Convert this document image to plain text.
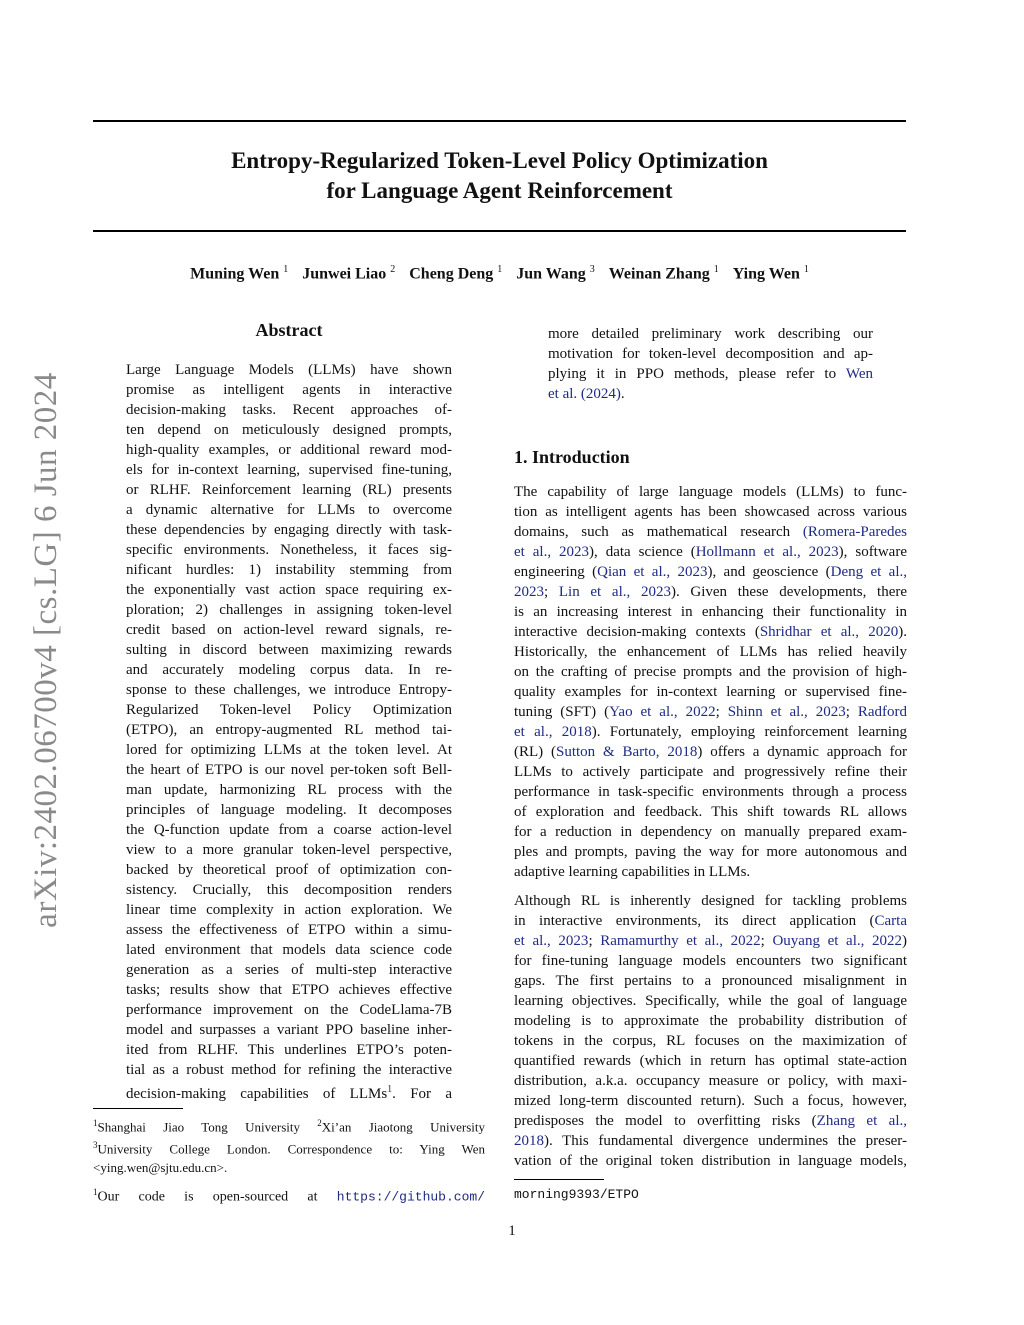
Entropy-Regularized Token-Level Policy Optimization
for Language Agent Reinforcement
Muning Wen $^1$ Junwei Liao $^2$ Cheng Deng $^1$ Jun Wang $^3$ Weinan Zhang $^1$ Ying Wen $^1$
arXiv:2402.06700v4 [cs.LG] 6 Jun 2024
Abstract
Large Language Models (LLMs) have shown
promise as intelligent agents in interactive
decision-making tasks. Recent approaches of-
ten depend on meticulously designed prompts,
high-quality examples, or additional reward mod-
els for in-context learning, supervised fine-tuning,
or RLHF. Reinforcement learning (RL) presents
a dynamic alternative for LLMs to overcome
these dependencies by engaging directly with task-
specific environments. Nonetheless, it faces sig-
nificant hurdles: 1) instability stemming from
the exponentially vast action space requiring ex-
ploration; 2) challenges in assigning token-level
credit based on action-level reward signals, re-
sulting in discord between maximizing rewards
and accurately modeling corpus data. In re-
sponse to these challenges, we introduce Entropy-
Regularized Token-level Policy Optimization
(ETPO), an entropy-augmented RL method tai-
lored for optimizing LLMs at the token level. At
the heart of ETPO is our novel per-token soft Bell-
man update, harmonizing RL process with the
principles of language modeling. It decomposes
the Q-function update from a coarse action-level
view to a more granular token-level perspective,
backed by theoretical proof of optimization con-
sistency. Crucially, this decomposition renders
linear time complexity in action exploration. We
assess the effectiveness of ETPO within a simu-
lated environment that models data science code
generation as a series of multi-step interactive
tasks; results show that ETPO achieves effective
performance improvement on the CodeLlama-7B
model and surpasses a variant PPO baseline inher-
ited from RLHF. This underlines ETPO’s poten-
tial as a robust method for refining the interactive
decision-making capabilities of LLMs$^1$. For a
more detailed preliminary work describing our
motivation for token-level decomposition and ap-
plying it in PPO methods, please refer to Wen
et al. (2024).
1. Introduction
The capability of large language models (LLMs) to func-
tion as intelligent agents has been showcased across various
domains, such as mathematical research (Romera-Paredes
et al., 2023), data science (Hollmann et al., 2023), software
engineering (Qian et al., 2023), and geoscience (Deng et al.,
2023; Lin et al., 2023). Given these developments, there
is an increasing interest in enhancing their functionality in
interactive decision-making contexts (Shridhar et al., 2020).
Historically, the enhancement of LLMs has relied heavily
on the crafting of precise prompts and the provision of high-
quality examples for in-context learning or supervised fine-
tuning (SFT) (Yao et al., 2022; Shinn et al., 2023; Radford
et al., 2018). Fortunately, employing reinforcement learning
(RL) (Sutton & Barto, 2018) offers a dynamic approach for
LLMs to actively participate and progressively refine their
performance in task-specific environments through a process
of exploration and feedback. This shift towards RL allows
for a reduction in dependency on manually prepared exam-
ples and prompts, paving the way for more autonomous and
adaptive learning capabilities in LLMs.
Although RL is inherently designed for tackling problems
in interactive environments, its direct application (Carta
et al., 2023; Ramamurthy et al., 2022; Ouyang et al., 2022)
for fine-tuning language models encounters two significant
gaps. The first pertains to a pronounced misalignment in
learning objectives. Specifically, while the goal of language
modeling is to approximate the probability distribution of
tokens in the corpus, RL focuses on the maximization of
quantified rewards (which in return has optimal state-action
distribution, a.k.a. occupancy measure or policy, with maxi-
mized long-term discounted return). Such a focus, however,
predisposes the model to overfitting risks (Zhang et al.,
2018). This fundamental divergence undermines the preser-
vation of the original token distribution in language models,
$^1$Shanghai Jiao Tong University $^2$Xi’an Jiaotong University
$^3$University College London. Correspondence to: Ying Wen
<ying.wen@sjtu.edu.cn>.
$^1$Our code is open-sourced at https://github.com/ morning9393/ETPO
1
